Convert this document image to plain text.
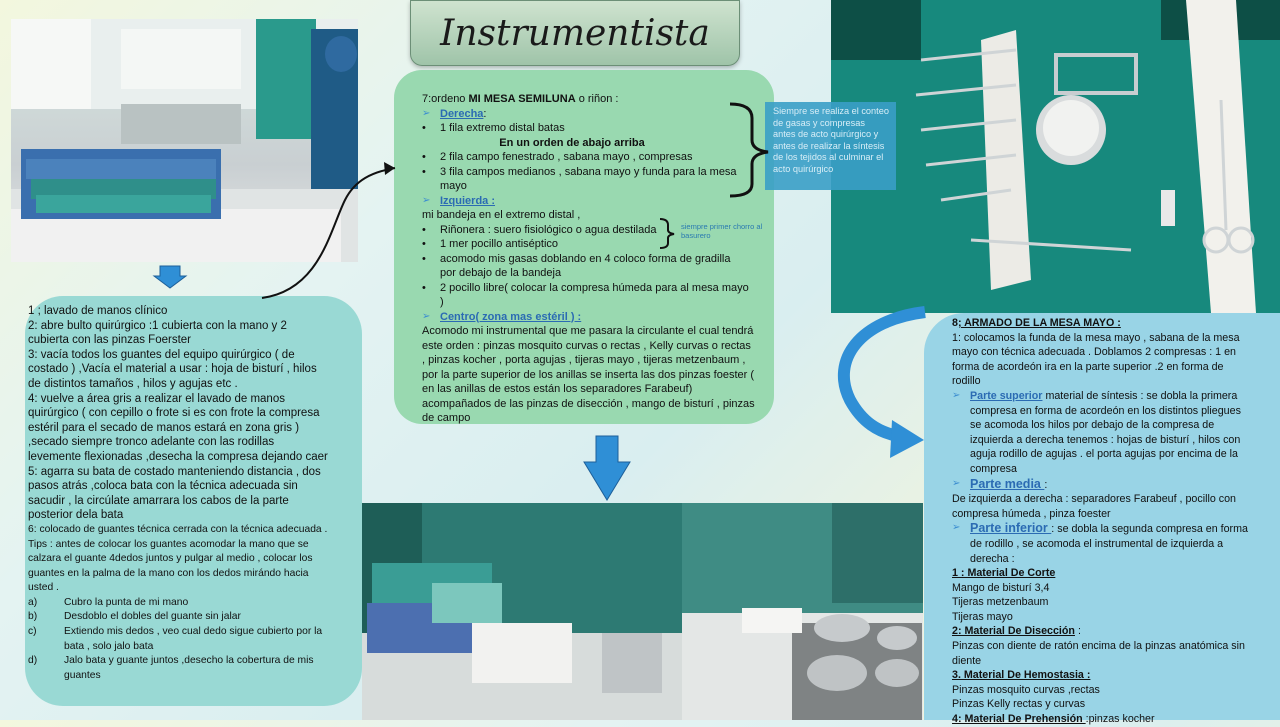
Instrumentista
Siempre se realiza el conteo de gasas y compresas antes de acto quirúrgico y antes de realizar la síntesis de los tejidos al culminar el acto quirúrgico
siempre primer chorro al basurero
7:ordeno MI MESA SEMILUNA o riñon :
➢ Derecha:
• 1 fila extremo distal batas
En un orden de abajo arriba
• 2 fila campo fenestrado , sabana mayo , compresas
• 3 fila campos medianos , sabana mayo y funda para la mesa mayo
➢ Izquierda :
mi bandeja en el extremo distal ,
• Riñonera : suero fisiológico o agua destilada
• 1 mer pocillo antiséptico
• acomodo mis gasas doblando en 4 coloco forma de gradilla por debajo de la bandeja
• 2 pocillo libre( colocar la compresa húmeda para al mesa mayo )
➢ Centro( zona mas estéril ) :
Acomodo mi instrumental que me pasara la circulante el cual tendrá este orden : pinzas mosquito curvas o rectas , Kelly curvas o rectas , pinzas kocher , porta agujas , tijeras mayo , tijeras metzenbaum , por la parte superior de los anillas se inserta las dos pinzas foester ( en las anillas de estos están los separadores Farabeuf) acompañados de las pinzas de disección , mango de bisturí , pinzas de campo
1 ; lavado de manos clínico
2: abre bulto quirúrgico :1 cubierta con la mano y 2 cubierta con las pinzas Foerster
3: vacía todos los guantes del equipo quirúrgico ( de costado ) ,Vacía el material a usar : hoja de bisturí , hilos de distintos tamaños , hilos y agujas etc .
4: vuelve a área gris a realizar el lavado de manos quirúrgico ( con cepillo o frote si es con frote la compresa estéril para el secado de manos estará en zona gris ) ,secado siempre tronco adelante con las rodillas levemente flexionadas ,desecha la compresa dejando caer
5: agarra su bata de costado manteniendo distancia , dos pasos atrás ,coloca bata con la técnica adecuada sin sacudir , la circúlate amarrara los cabos de la parte posterior dela bata
6: colocado de guantes técnica cerrada con la técnica adecuada . Tips : antes de colocar los guantes acomodar la mano que se calzara el guante 4dedos juntos y pulgar al medio , colocar los guantes en la palma de la mano con los dedos mirándo hacia usted .
a)	Cubro la punta de mi mano
b)	Desdoblo el dobles del guante sin jalar
c)	Extiendo mis dedos , veo cual dedo sigue cubierto por la bata , solo jalo bata
d)	Jalo bata y guante juntos ,desecho la cobertura de mis guantes
8; ARMADO DE LA MESA MAYO :
1: colocamos la funda de la mesa mayo , sabana de la mesa mayo con técnica adecuada . Doblamos 2 compresas : 1 en forma de acordeón ira en la parte superior .2 en forma de rodillo
➢ Parte superior material de síntesis : se dobla la primera compresa en forma de acordeón en los distintos pliegues se acomoda los hilos por debajo de la compresa de izquierda a derecha tenemos : hojas de bisturí , hilos con aguja rodillo de agujas . el porta agujas por encima de la compresa
➢ Parte media :
De izquierda a derecha : separadores Farabeuf , pocillo con compresa húmeda , pinza foester
➢ Parte inferior : se dobla la segunda compresa en forma de rodillo , se acomoda el instrumental de izquierda a derecha :
1 : Material De Corte
Mango de bisturí 3,4
Tijeras metzenbaum
Tijeras mayo
2: Material De Disección :
Pinzas con diente de ratón encima de la pinzas anatómica sin diente
3. Material De Hemostasia :
Pinzas mosquito curvas ,rectas
Pinzas Kelly rectas y curvas
4: Material De Prehensión :pinzas kocher
